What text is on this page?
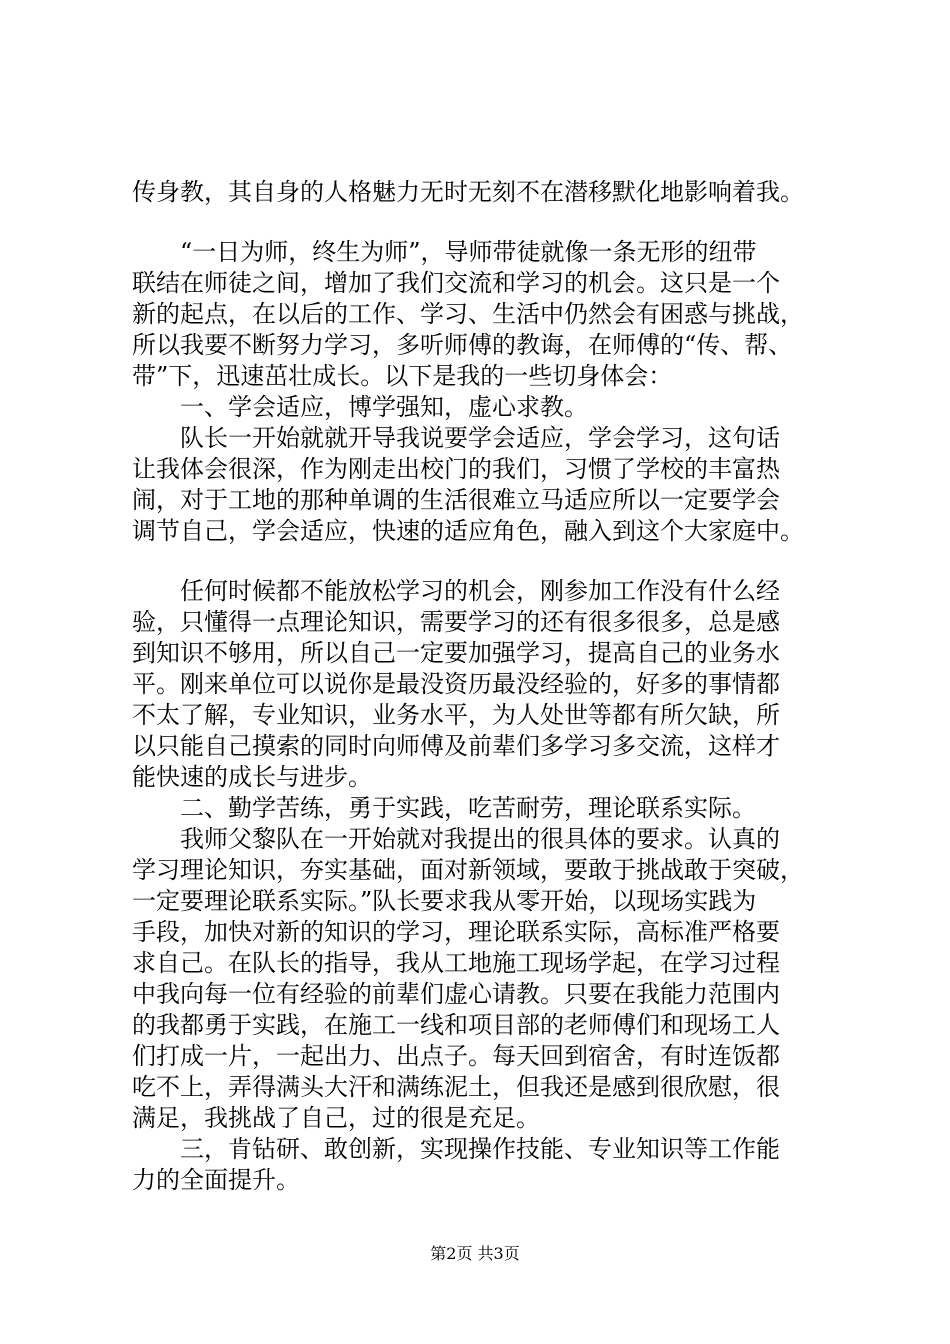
传身教，其自身的人格魅力无时无刻不在潜移默化地影响着我。
“一日为师，终生为师”，导师带徒就像一条无形的纽带
联结在师徒之间，增加了我们交流和学习的机会。这只是一个
新的起点，在以后的工作、学习、生活中仍然会有困惑与挑战，
所以我要不断努力学习，多听师傅的教诲，在师傅的“传、帮、
带”下，迅速茁壮成长。以下是我的一些切身体会：
一、学会适应，博学强知，虚心求教。
队长一开始就就开导我说要学会适应，学会学习，这句话
让我体会很深，作为刚走出校门的我们，习惯了学校的丰富热
闹，对于工地的那种单调的生活很难立马适应所以一定要学会
调节自己，学会适应，快速的适应角色，融入到这个大家庭中。
任何时候都不能放松学习的机会，刚参加工作没有什么经
验，只懂得一点理论知识，需要学习的还有很多很多，总是感
到知识不够用，所以自己一定要加强学习，提高自己的业务水
平。刚来单位可以说你是最没资历最没经验的，好多的事情都
不太了解，专业知识，业务水平，为人处世等都有所欠缺，所
以只能自己摸索的同时向师傅及前辈们多学习多交流，这样才
能快速的成长与进步。
二、勤学苦练，勇于实践，吃苦耐劳，理论联系实际。
我师父黎队在一开始就对我提出的很具体的要求。认真的
学习理论知识，夯实基础，面对新领域，要敢于挑战敢于突破，
一定要理论联系实际。”队长要求我从零开始，以现场实践为
手段，加快对新的知识的学习，理论联系实际，高标准严格要
求自己。在队长的指导，我从工地施工现场学起，在学习过程
中我向每一位有经验的前辈们虚心请教。只要在我能力范围内
的我都勇于实践，在施工一线和项目部的老师傅们和现场工人
们打成一片，一起出力、出点子。每天回到宿舍，有时连饭都
吃不上，弄得满头大汗和满练泥土，但我还是感到很欣慰，很
满足，我挑战了自己，过的很是充足。
三，肯钻研、敢创新，实现操作技能、专业知识等工作能
力的全面提升。
第2页 共3页
